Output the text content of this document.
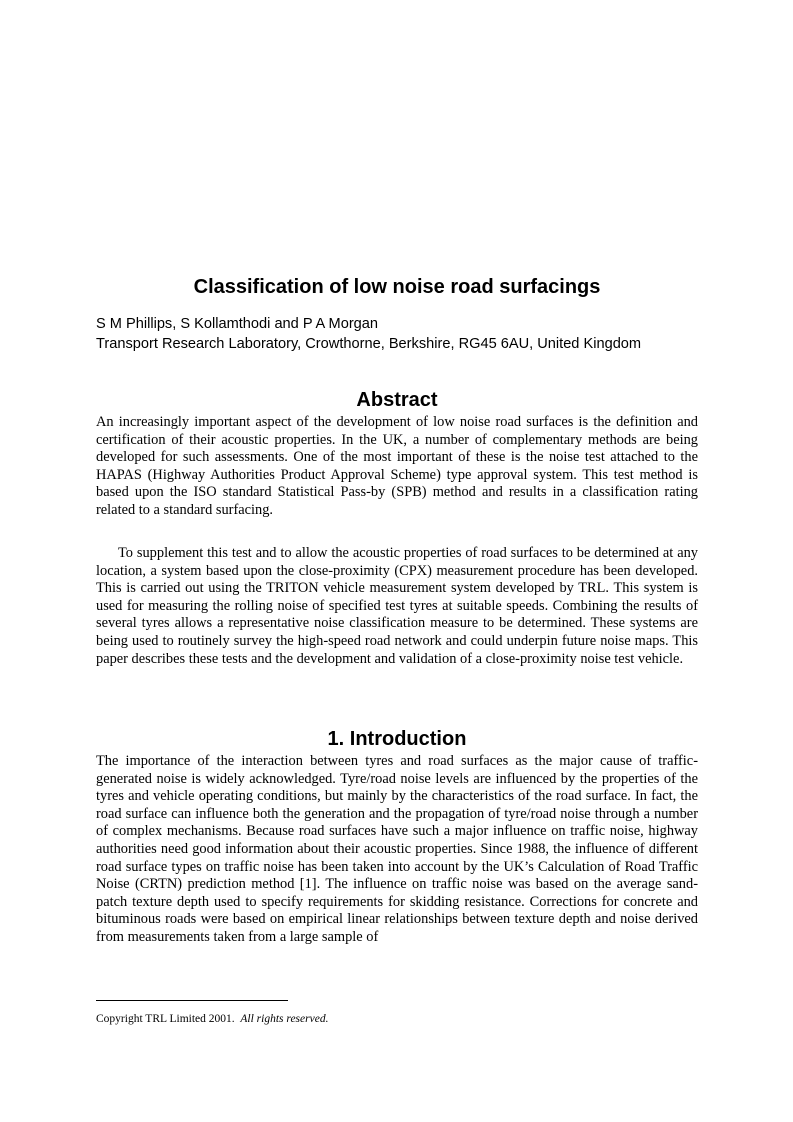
Classification of low noise road surfacings

S M Phillips, S Kollamthodi and P A Morgan

Transport Research Laboratory, Crowthorne, Berkshire, RG45 6AU, United Kingdom

Abstract

An increasingly important aspect of the development of low noise road surfaces is the definition and certification of their acoustic properties. In the UK, a number of complementary methods are being developed for such assessments. One of the most important of these is the noise test attached to the HAPAS (Highway Authorities Product Approval Scheme) type approval system. This test method is based upon the ISO standard Statistical Pass-by (SPB) method and results in a classification rating related to a standard surfacing.

To supplement this test and to allow the acoustic properties of road surfaces to be determined at any location, a system based upon the close-proximity (CPX) measurement procedure has been developed. This is carried out using the TRITON vehicle measurement system developed by TRL. This system is used for measuring the rolling noise of specified test tyres at suitable speeds. Combining the results of several tyres allows a representative noise classification measure to be determined. These systems are being used to routinely survey the high-speed road network and could underpin future noise maps. This paper describes these tests and the development and validation of a close-proximity noise test vehicle.

1. Introduction

The importance of the interaction between tyres and road surfaces as the major cause of traffic-generated noise is widely acknowledged. Tyre/road noise levels are influenced by the properties of the tyres and vehicle operating conditions, but mainly by the characteristics of the road surface. In fact, the road surface can influence both the generation and the propagation of tyre/road noise through a number of complex mechanisms. Because road surfaces have such a major influence on traffic noise, highway authorities need good information about their acoustic properties. Since 1988, the influence of different road surface types on traffic noise has been taken into account by the UK’s Calculation of Road Traffic Noise (CRTN) prediction method [1]. The influence on traffic noise was based on the average sand-patch texture depth used to specify requirements for skidding resistance. Corrections for concrete and bituminous roads were based on empirical linear relationships between texture depth and noise derived from measurements taken from a large sample of

Copyright TRL Limited 2001. All rights reserved.
